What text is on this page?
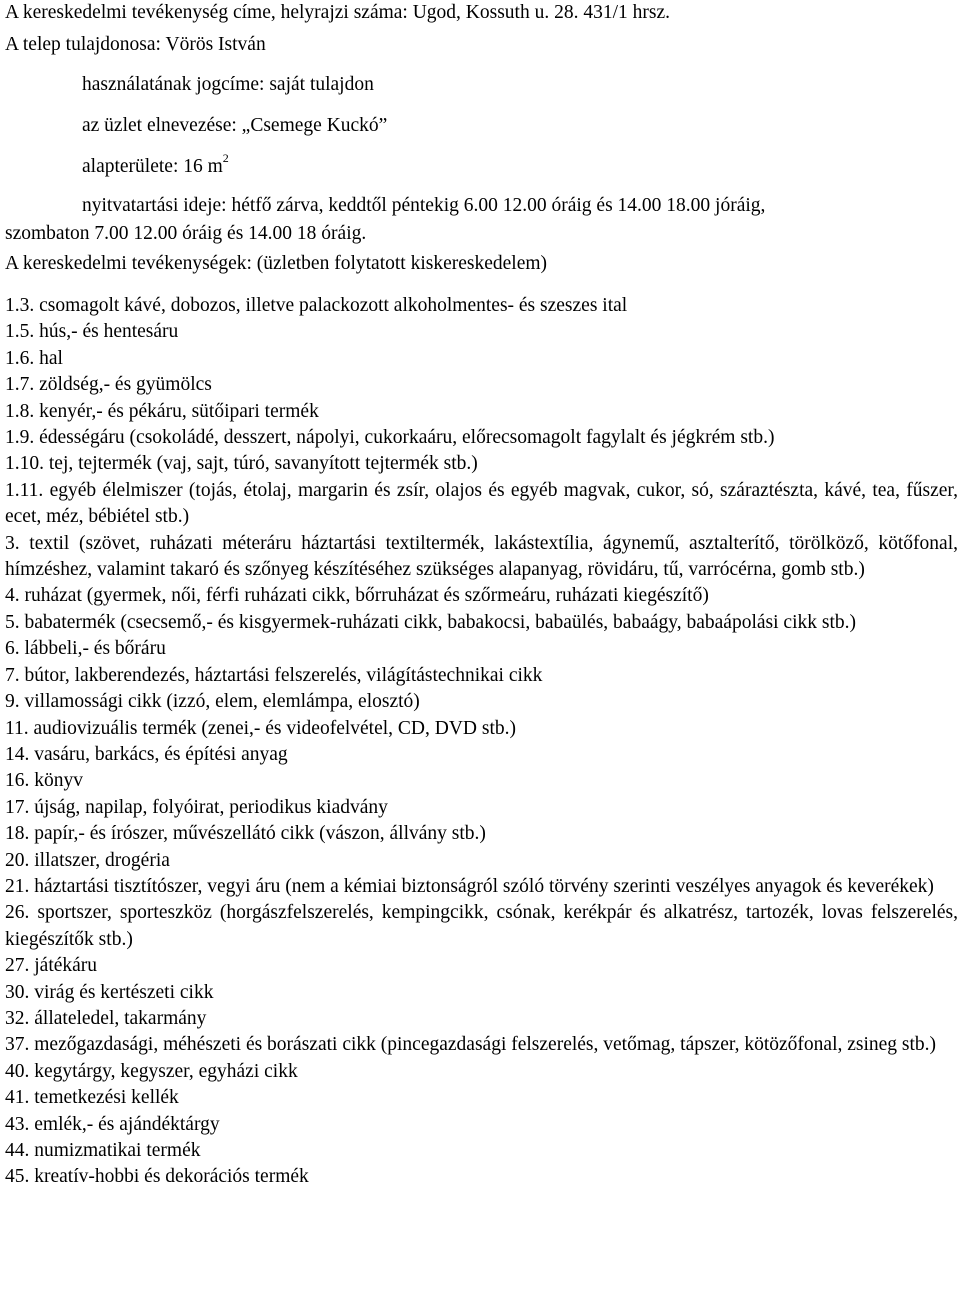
A kereskedelmi tevékenység címe, helyrajzi száma: Ugod, Kossuth u. 28. 431/1 hrsz.
A telep tulajdonosa: Vörös István
használatának jogcíme: saját tulajdon
az üzlet elnevezése: „Csemege Kuckó”
alapterülete: 16 $m^2$
nyitvatartási ideje: hétfő zárva, keddtől péntekig 6.00 12.00 óráig és 14.00 18.00 jóráig,
szombaton 7.00 12.00 óráig és 14.00 18 óráig.
A kereskedelmi tevékenységek: (üzletben folytatott kiskereskedelem)
1.3. csomagolt kávé, dobozos, illetve palackozott alkoholmentes- és szeszes ital
1.5. hús,- és hentesáru
1.6. hal
1.7. zöldség,- és gyümölcs
1.8. kenyér,- és pékáru, sütőipari termék
1.9. édességáru (csokoládé, desszert, nápolyi, cukorkaáru, előrecsomagolt fagylalt és jégkrém stb.)
1.10. tej, tejtermék (vaj, sajt, túró, savanyított tejtermék stb.)
1.11. egyéb élelmiszer (tojás, étolaj, margarin és zsír, olajos és egyéb magvak, cukor, só, száraztészta, kávé, tea, fűszer, ecet, méz, bébiétel stb.)
3. textil (szövet, ruházati méteráru háztartási textiltermék, lakástextília, ágynemű, asztalterítő, törölköző, kötőfonal, hímzéshez, valamint takaró és szőnyeg készítéséhez szükséges alapanyag, rövidáru, tű, varrócérna, gomb stb.)
4. ruházat (gyermek, női, férfi ruházati cikk, bőrruházat és szőrmeáru, ruházati kiegészítő)
5. babatermék (csecsemő,- és kisgyermek-ruházati cikk, babakocsi, babaülés, babaágy, babaápolási cikk stb.)
6. lábbeli,- és bőráru
7. bútor, lakberendezés, háztartási felszerelés, világítástechnikai cikk
9. villamossági cikk (izzó, elem, elemlámpa, elosztó)
11. audiovizuális termék (zenei,- és videofelvétel, CD, DVD stb.)
14. vasáru, barkács, és építési anyag
16. könyv
17. újság, napilap, folyóirat, periodikus kiadvány
18. papír,- és írószer, művészellátó cikk (vászon, állvány stb.)
20. illatszer, drogéria
21. háztartási tisztítószer, vegyi áru (nem a kémiai biztonságról szóló törvény szerinti veszélyes anyagok és keverékek)
26. sportszer, sporteszköz (horgászfelszerelés, kempingcikk, csónak, kerékpár és alkatrész, tartozék, lovas felszerelés, kiegészítők stb.)
27. játékáru
30. virág és kertészeti cikk
32. állateledel, takarmány
37. mezőgazdasági, méhészeti és borászati cikk (pincegazdasági felszerelés, vetőmag, tápszer, kötözőfonal, zsineg stb.)
40. kegytárgy, kegyszer, egyházi cikk
41. temetkezési kellék
43. emlék,- és ajándéktárgy
44. numizmatikai termék
45. kreatív-hobbi és dekorációs termék
